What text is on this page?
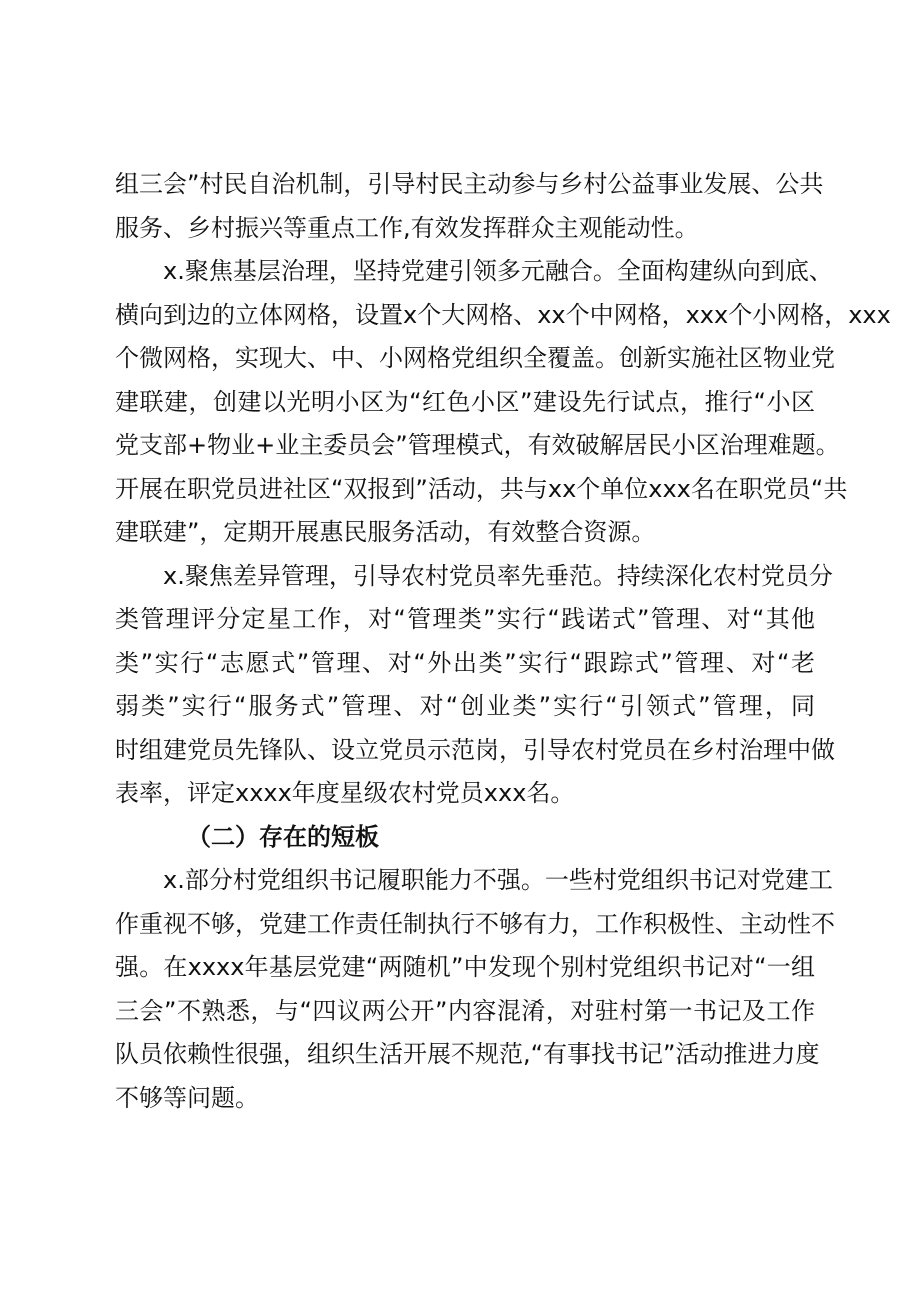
组三会”村民自治机制，引导村民主动参与乡村公益事业发展、公共
服务、乡村振兴等重点工作,有效发挥群众主观能动性。
x.聚焦基层治理，坚持党建引领多元融合。全面构建纵向到底、
横向到边的立体网格，设置x个大网格、xx个中网格，xxx个小网格，xxx
个微网格，实现大、中、小网格党组织全覆盖。创新实施社区物业党
建联建，创建以光明小区为“红色小区”建设先行试点，推行“小区
党支部+物业+业主委员会”管理模式，有效破解居民小区治理难题。
开展在职党员进社区“双报到”活动，共与xx个单位xxx名在职党员“共
建联建”，定期开展惠民服务活动，有效整合资源。
x.聚焦差异管理，引导农村党员率先垂范。持续深化农村党员分
类管理评分定星工作，对“管理类”实行“践诺式”管理、对“其他
类”实行“志愿式”管理、对“外出类”实行“跟踪式”管理、对“老
弱类”实行“服务式”管理、对“创业类”实行“引领式”管理，同
时组建党员先锋队、设立党员示范岗，引导农村党员在乡村治理中做
表率，评定xxxx年度星级农村党员xxx名。
（二）存在的短板
x.部分村党组织书记履职能力不强。一些村党组织书记对党建工
作重视不够，党建工作责任制执行不够有力，工作积极性、主动性不
强。在xxxx年基层党建“两随机”中发现个别村党组织书记对“一组
三会”不熟悉，与“四议两公开”内容混淆，对驻村第一书记及工作
队员依赖性很强，组织生活开展不规范,“有事找书记”活动推进力度
不够等问题。
